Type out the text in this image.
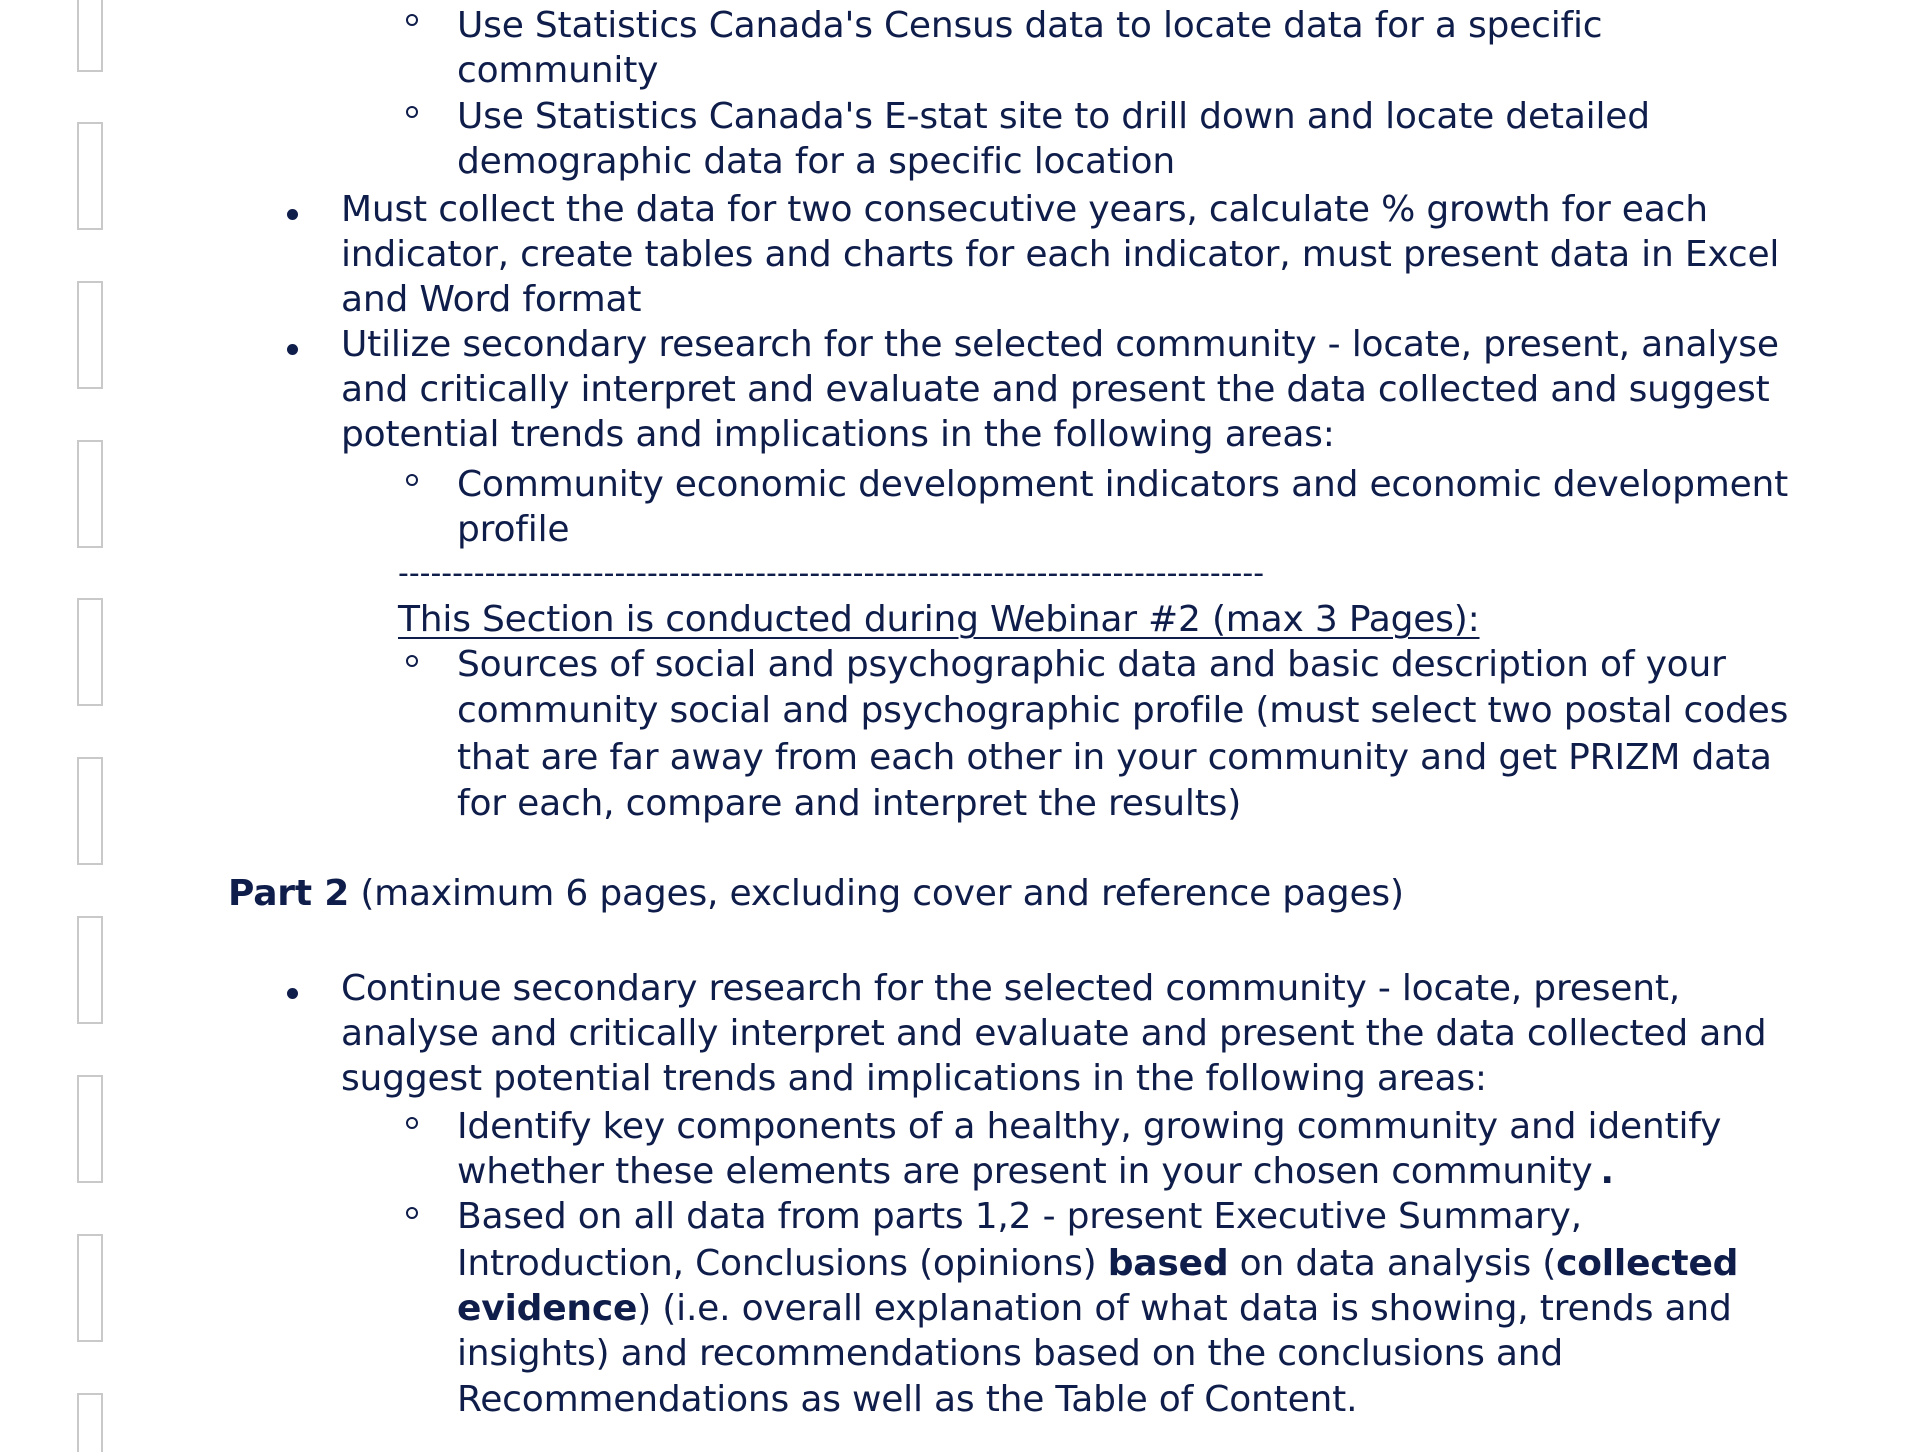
Use Statistics Canada's Census data to locate data for a specific
community
Use Statistics Canada's E-stat site to drill down and locate detailed
demographic data for a specific location
Must collect the data for two consecutive years, calculate % growth for each
indicator, create tables and charts for each indicator, must present data in Excel
and Word format
Utilize secondary research for the selected community - locate, present, analyse
and critically interpret and evaluate and present the data collected and suggest
potential trends and implications in the following areas:
Community economic development indicators and economic development
profile
--------------------------------------------------------------------------------
This Section is conducted during Webinar #2 (max 3 Pages):
Sources of social and psychographic data and basic description of your
community social and psychographic profile (must select two postal codes
that are far away from each other in your community and get PRIZM data
for each, compare and interpret the results)
Part 2 (maximum 6 pages, excluding cover and reference pages)
Continue secondary research for the selected community - locate, present,
analyse and critically interpret and evaluate and present the data collected and
suggest potential trends and implications in the following areas:
Identify key components of a healthy, growing community and identify
whether these elements are present in your chosen community .
Based on all data from parts 1,2 - present Executive Summary,
Introduction, Conclusions (opinions) based on data analysis (collected
evidence) (i.e. overall explanation of what data is showing, trends and
insights) and recommendations based on the conclusions and
Recommendations as well as the Table of Content.
